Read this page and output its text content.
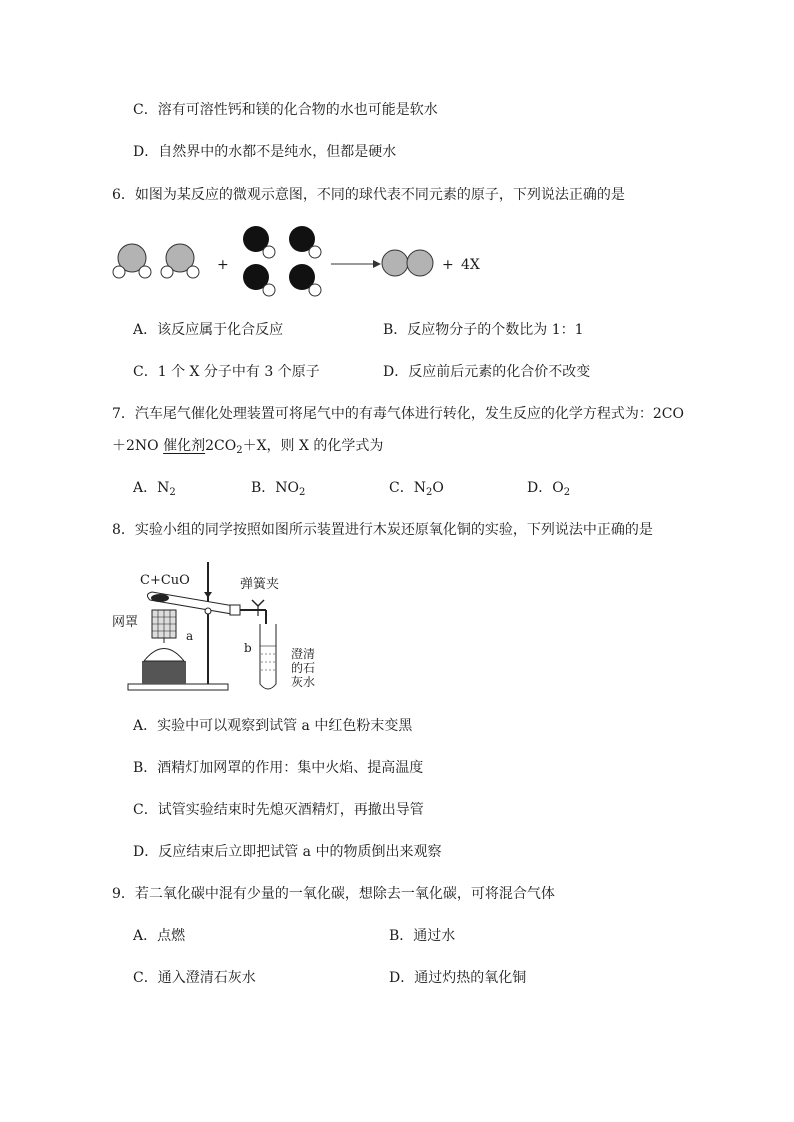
C．溶有可溶性钙和镁的化合物的水也可能是软水
D．自然界中的水都不是纯水，但都是硬水
6．如图为某反应的微观示意图，不同的球代表不同元素的原子，下列说法正确的是
+	+ 4X
A．该反应属于化合反应	B．反应物分子的个数比为 1：1
C．1 个 X 分子中有 3 个原子	D．反应前后元素的化合价不改变
7．汽车尾气催化处理装置可将尾气中的有毒气体进行转化，发生反应的化学方程式为：2CO
＋2NO 催化剂$2CO_2+X$，则 X 的化学式为
A．$N_2$	B．$NO_2$	C．$N_2O$	D．$O_2$
8．实验小组的同学按照如图所示装置进行木炭还原氧化铜的实验，下列说法中正确的是
C+CuO	弹簧夹
网罩
a
b	澄清
的石
灰水
A．实验中可以观察到试管 a 中红色粉末变黑
B．酒精灯加网罩的作用：集中火焰、提高温度
C．试管实验结束时先熄灭酒精灯，再撤出导管
D．反应结束后立即把试管 a 中的物质倒出来观察
9．若二氧化碳中混有少量的一氧化碳，想除去一氧化碳，可将混合气体
A．点燃	B．通过水
C．通入澄清石灰水	D．通过灼热的氧化铜
